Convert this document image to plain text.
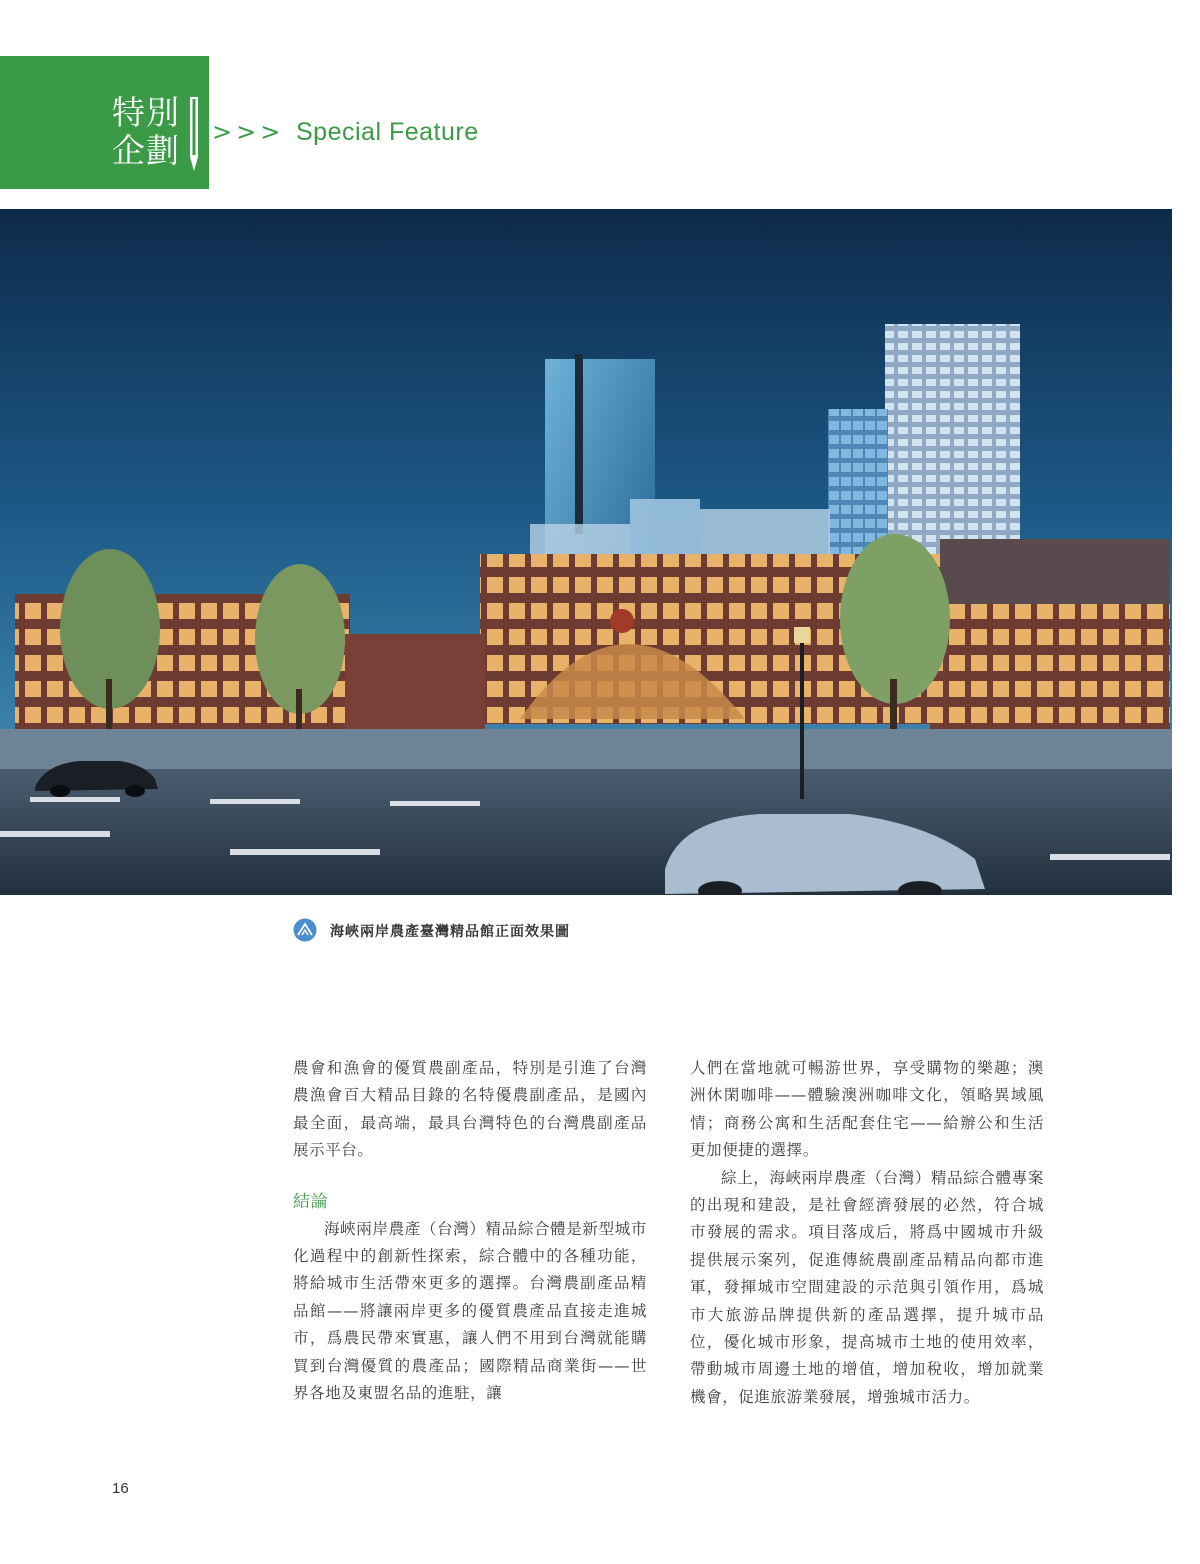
特別
企劃	>>> Special Feature
海峽兩岸農產臺灣精品館正面效果圖

農會和漁會的優質農副產品，特別是引進了台灣農漁會百大精品目錄的名特優農副產品，是國內最全面，最高端，最具台灣特色的台灣農副產品展示平台。

結論

海峽兩岸農產（台灣）精品綜合體是新型城市化過程中的創新性探索，綜合體中的各種功能，將給城市生活帶來更多的選擇。台灣農副產品精品館——將讓兩岸更多的優質農產品直接走進城市，爲農民帶來實惠，讓人們不用到台灣就能購買到台灣優質的農產品；國際精品商業街——世界各地及東盟名品的進駐，讓

人們在當地就可暢游世界，享受購物的樂趣；澳洲休閑咖啡——體驗澳洲咖啡文化，領略異域風情；商務公寓和生活配套住宅——給辦公和生活更加便捷的選擇。

綜上，海峽兩岸農產（台灣）精品綜合體專案的出現和建設，是社會經濟發展的必然，符合城市發展的需求。項目落成后，將爲中國城市升級提供展示案列，促進傳統農副產品精品向都市進軍，發揮城市空間建設的示范與引領作用，爲城市大旅游品牌提供新的產品選擇，提升城市品位，優化城市形象，提高城市土地的使用效率，帶動城市周邊土地的增值，增加稅收，增加就業機會，促進旅游業發展，增強城市活力。

16
